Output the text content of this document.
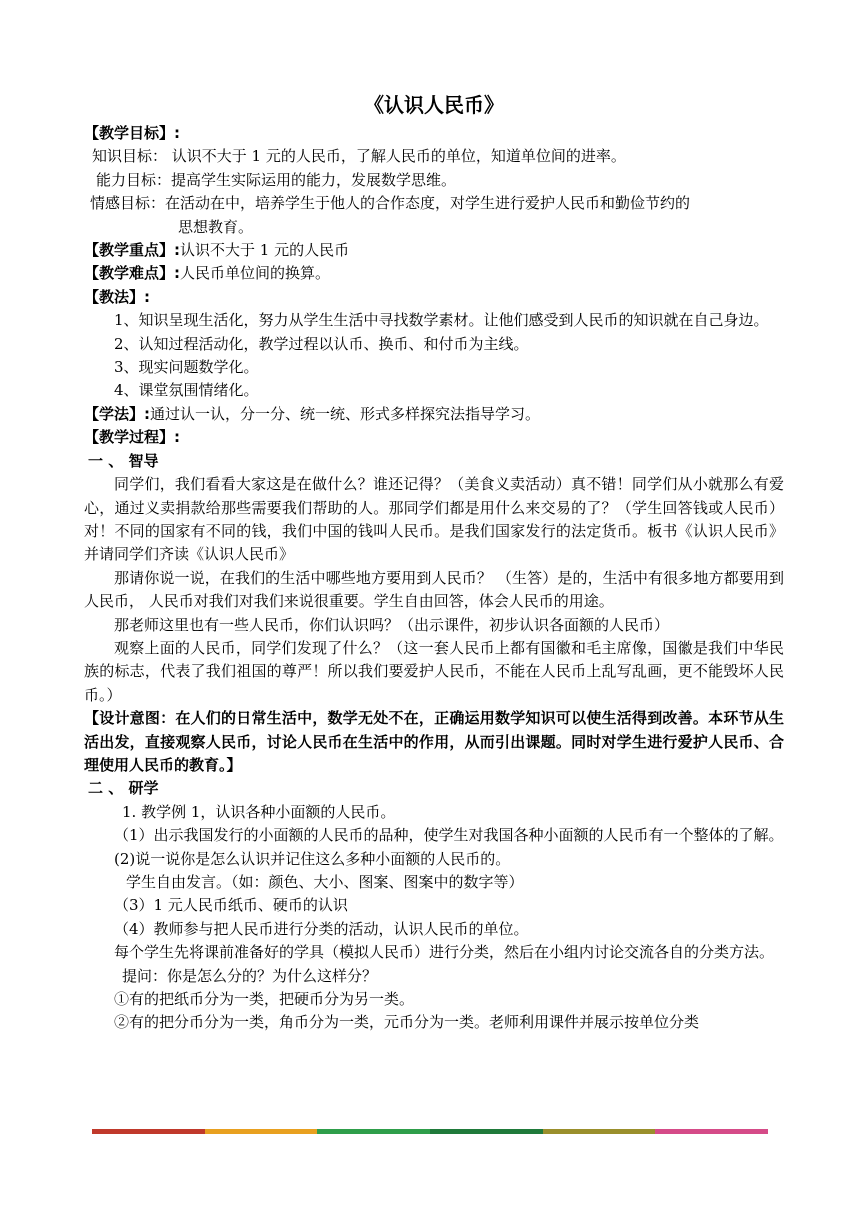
《认识人民币》

【教学目标】:

知识目标： 认识不大于 1 元的人民币，了解人民币的单位，知道单位间的进率。

能力目标：提高学生实际运用的能力，发展数学思维。

情感目标：在活动在中，培养学生于他人的合作态度，对学生进行爱护人民币和勤俭节约的
思想教育。

【教学重点】:认识不大于 1 元的人民币

【教学难点】:人民币单位间的换算。

【教法】:

1、知识呈现生活化，努力从学生生活中寻找数学素材。让他们感受到人民币的知识就在自己身边。

2、认知过程活动化，教学过程以认币、换币、和付币为主线。

3、现实问题数学化。

4、课堂氛围情绪化。

【学法】:通过认一认，分一分、统一统、形式多样探究法指导学习。

【教学过程】:

一 、 智导

同学们，我们看看大家这是在做什么？谁还记得？（美食义卖活动）真不错！同学们从小就那么有爱心，通过义卖捐款给那些需要我们帮助的人。那同学们都是用什么来交易的了？（学生回答钱或人民币）对！不同的国家有不同的钱，我们中国的钱叫人民币。是我们国家发行的法定货币。板书《认识人民币》并请同学们齐读《认识人民币》

那请你说一说，在我们的生活中哪些地方要用到人民币？ （生答）是的，生活中有很多地方都要用到人民币， 人民币对我们对我们来说很重要。学生自由回答，体会人民币的用途。

那老师这里也有一些人民币，你们认识吗？（出示课件，初步认识各面额的人民币）

观察上面的人民币，同学们发现了什么？（这一套人民币上都有国徽和毛主席像，国徽是我们中华民族的标志，代表了我们祖国的尊严！所以我们要爱护人民币，不能在人民币上乱写乱画，更不能毁坏人民币。）

【设计意图：在人们的日常生活中，数学无处不在，正确运用数学知识可以使生活得到改善。本环节从生活出发，直接观察人民币，讨论人民币在生活中的作用，从而引出课题。同时对学生进行爱护人民币、合理使用人民币的教育。】

二 、 研学

1. 教学例 1，认识各种小面额的人民币。

（1）出示我国发行的小面额的人民币的品种，使学生对我国各种小面额的人民币有一个整体的了解。

(2)说一说你是怎么认识并记住这么多种小面额的人民币的。

学生自由发言。（如：颜色、大小、图案、图案中的数字等）

（3）1 元人民币纸币、硬币的认识

（4）教师参与把人民币进行分类的活动，认识人民币的单位。

每个学生先将课前准备好的学具（模拟人民币）进行分类，然后在小组内讨论交流各自的分类方法。

提问：你是怎么分的？为什么这样分？

①有的把纸币分为一类，把硬币分为另一类。

②有的把分币分为一类，角币分为一类，元币分为一类。老师利用课件并展示按单位分类
